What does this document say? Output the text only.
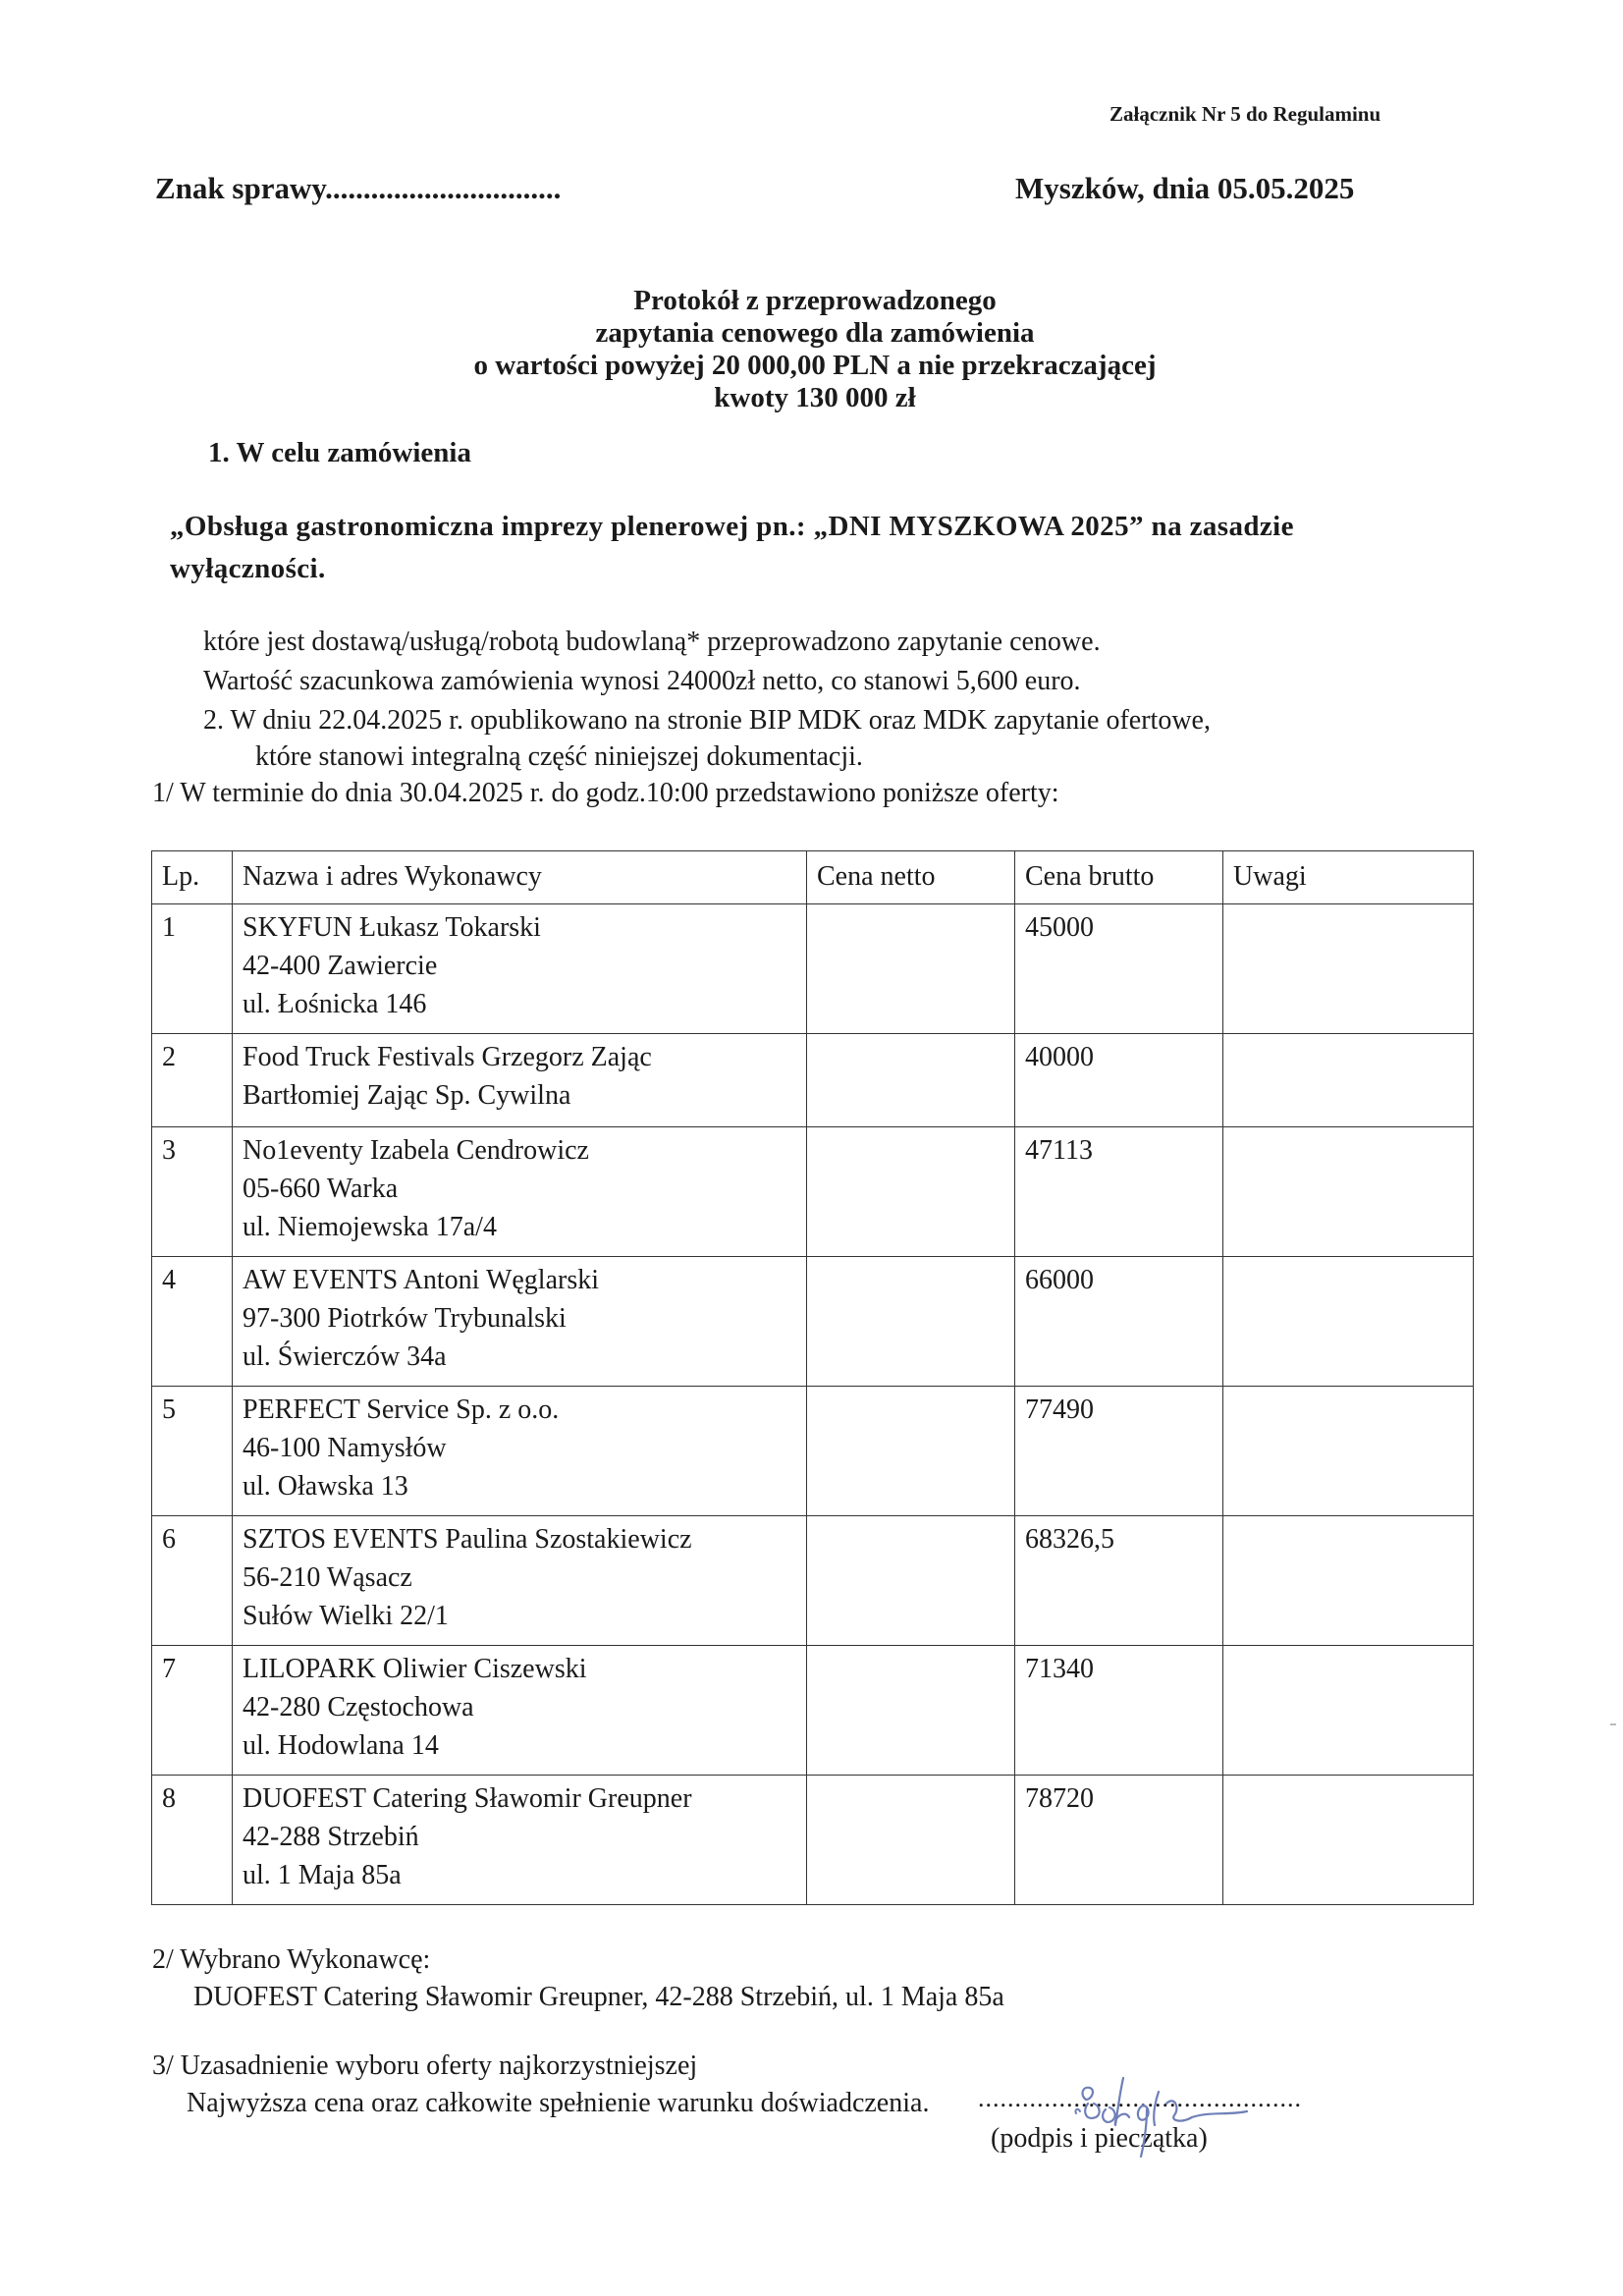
Załącznik Nr 5 do Regulaminu

Znak sprawy...............................	Myszków, dnia 05.05.2025

Protokół z przeprowadzonego
zapytania cenowego dla zamówienia
o wartości powyżej 20 000,00 PLN a nie przekraczającej
kwoty 130 000 zł

1. W celu zamówienia

„Obsługa gastronomiczna imprezy plenerowej pn.: „DNI MYSZKOWA 2025” na zasadzie

wyłączności.

które jest dostawą/usługą/robotą budowlaną* przeprowadzono zapytanie cenowe.

Wartość szacunkowa zamówienia wynosi 24000zł netto, co stanowi 5,600 euro.

2. W dniu 22.04.2025 r. opublikowano na stronie BIP MDK oraz MDK zapytanie ofertowe,

które stanowi integralną część niniejszej dokumentacji.

1/ W terminie do dnia 30.04.2025 r. do godz.10:00 przedstawiono poniższe oferty:

Lp.	Nazwa i adres Wykonawcy	Cena netto	Cena brutto	Uwagi
1	SKYFUN Łukasz Tokarski
42-400 Zawiercie
ul. Łośnicka 146		45000	
2	Food Truck Festivals Grzegorz Zając
Bartłomiej Zając Sp. Cywilna		40000	
3	No1eventy Izabela Cendrowicz
05-660 Warka
ul. Niemojewska 17a/4		47113	
4	AW EVENTS Antoni Węglarski
97-300 Piotrków Trybunalski
ul. Świerczów 34a		66000	
5	PERFECT Service Sp. z o.o.
46-100 Namysłów
ul. Oławska 13		77490	
6	SZTOS EVENTS Paulina Szostakiewicz
56-210 Wąsacz
Sułów Wielki 22/1		68326,5	
7	LILOPARK Oliwier Ciszewski
42-280 Częstochowa
ul. Hodowlana 14		71340	
8	DUOFEST Catering Sławomir Greupner
42-288 Strzebiń
ul. 1 Maja 85a		78720	

2/ Wybrano Wykonawcę:

DUOFEST Catering Sławomir Greupner, 42-288 Strzebiń, ul. 1 Maja 85a

3/ Uzasadnienie wyboru oferty najkorzystniejszej

Najwyższa cena oraz całkowite spełnienie warunku doświadczenia. ............................................

(podpis i pieczątka)
